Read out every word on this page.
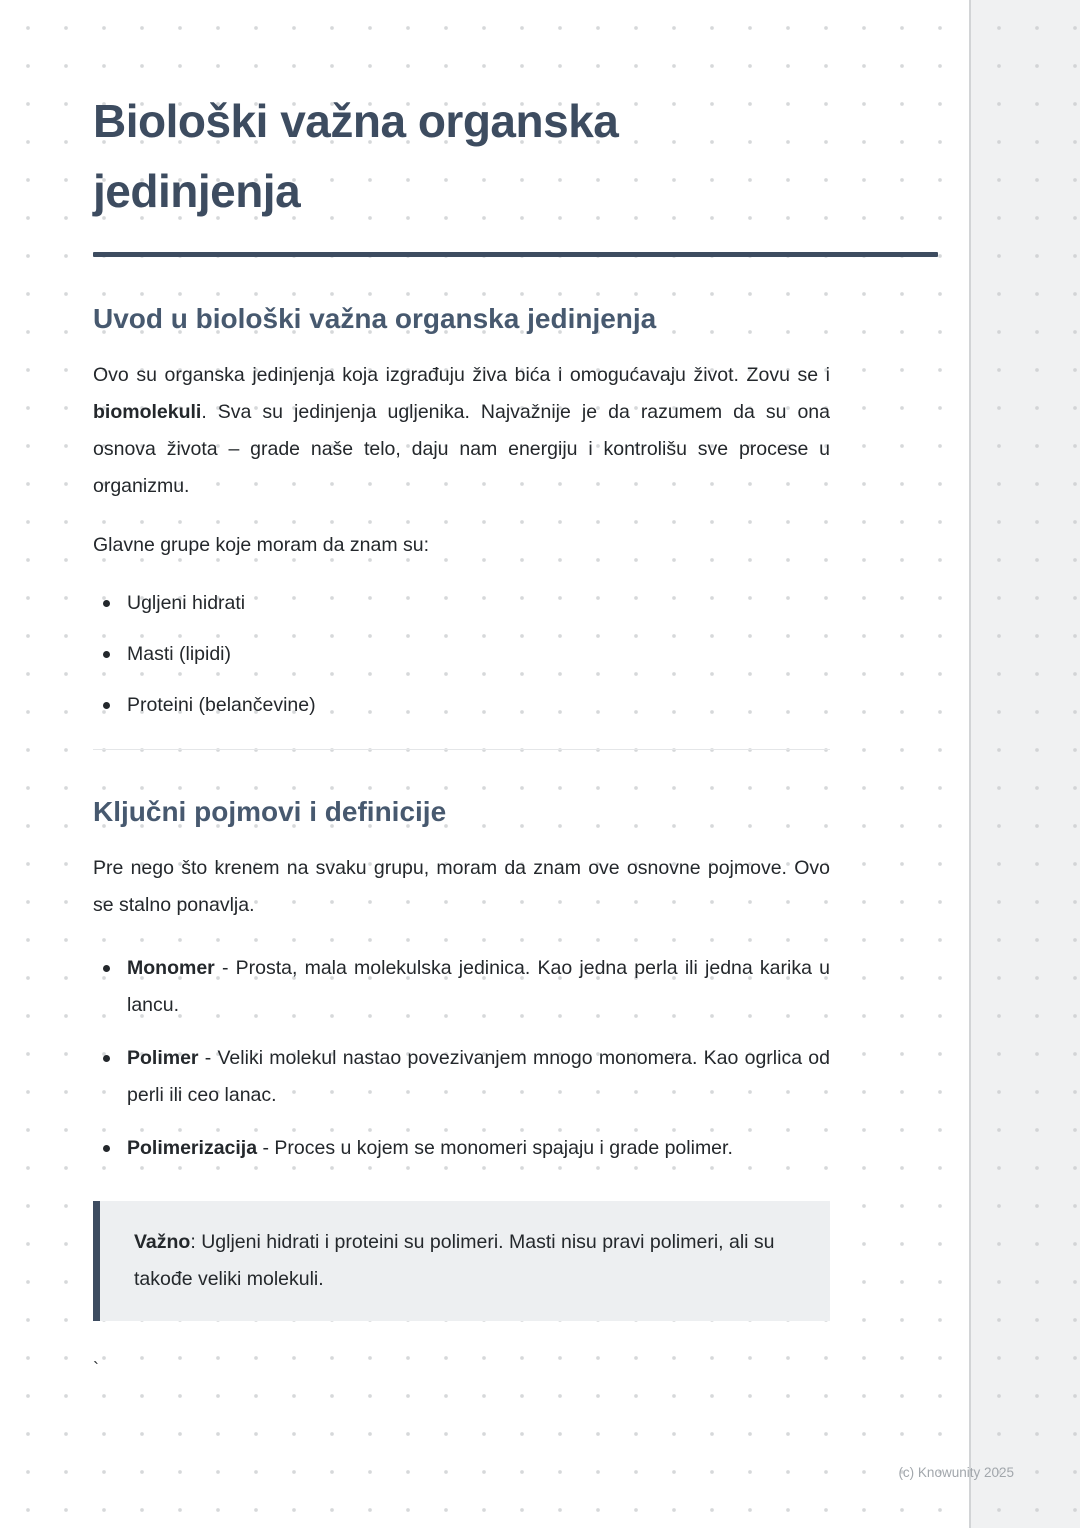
Biološki važna organska
jedinjenja
Uvod u biološki važna organska jedinjenja

Ovo su organska jedinjenja koja izgrađuju živa bića i omogućavaju život. Zovu se i biomolekuli. Sva su jedinjenja ugljenika. Najvažnije je da razumem da su ona osnova života – grade naše telo, daju nam energiju i kontrolišu sve procese u organizmu.

Glavne grupe koje moram da znam su:

Ugljeni hidrati
Masti (lipidi)
Proteini (belančevine)
Ključni pojmovi i definicije

Pre nego što krenem na svaku grupu, moram da znam ove osnovne pojmove. Ovo se stalno ponavlja.

Monomer - Prosta, mala molekulska jedinica. Kao jedna perla ili jedna karika u lancu.
Polimer - Veliki molekul nastao povezivanjem mnogo monomera. Kao ogrlica od perli ili ceo lanac.
Polimerizacija - Proces u kojem se monomeri spajaju i grade polimer.
Važno: Ugljeni hidrati i proteini su polimeri. Masti nisu pravi polimeri, ali su takođe veliki molekuli.
`
(c) Knowunity 2025
